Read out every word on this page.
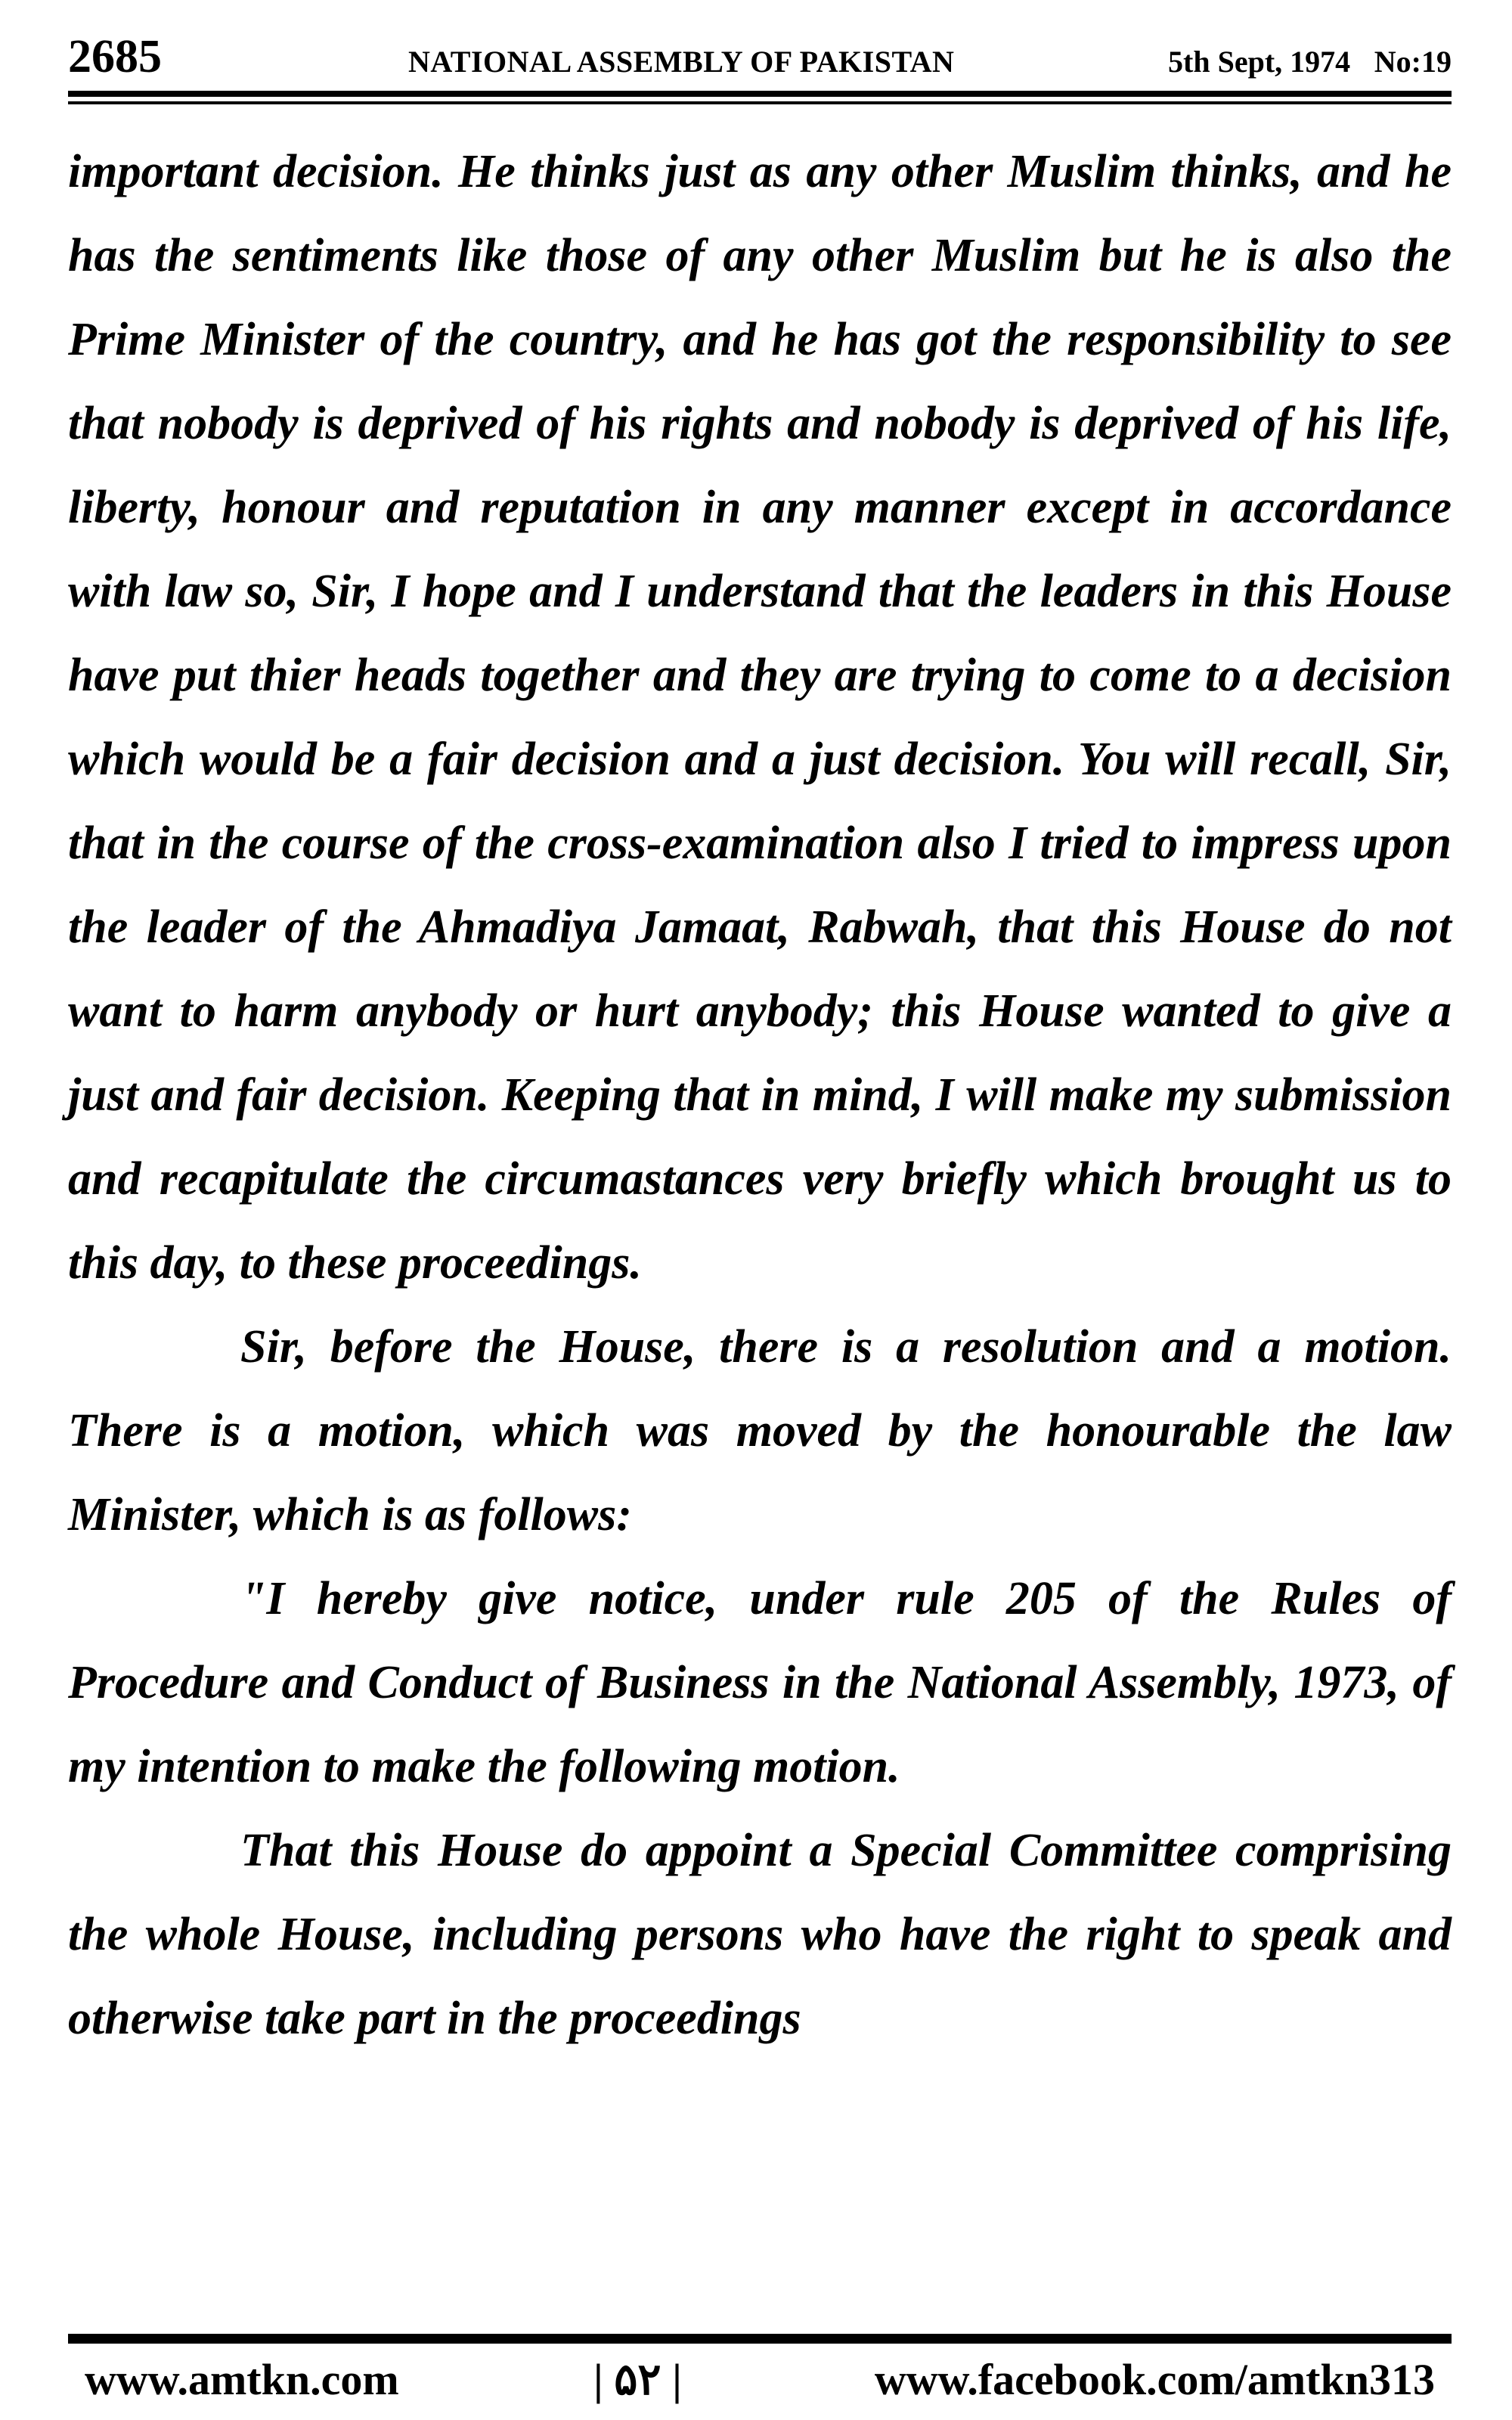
2685	NATIONAL ASSEMBLY OF PAKISTAN	5th Sept, 1974 No:19

important decision. He thinks just as any other Muslim thinks, and he has the sentiments like those of any other Muslim but he is also the Prime Minister of the country, and he has got the responsibility to see that nobody is deprived of his rights and nobody is deprived of his life, liberty, honour and reputation in any manner except in accordance with law so, Sir, I hope and I understand that the leaders in this House have put thier heads together and they are trying to come to a decision which would be a fair decision and a just decision. You will recall, Sir, that in the course of the cross-examination also I tried to impress upon the leader of the Ahmadiya Jamaat, Rabwah, that this House do not want to harm anybody or hurt anybody; this House wanted to give a just and fair decision. Keeping that in mind, I will make my submission and recapitulate the circumastances very briefly which brought us to this day, to these proceedings.

Sir, before the House, there is a resolution and a motion. There is a motion, which was moved by the honourable the law Minister, which is as follows:

"I hereby give notice, under rule 205 of the Rules of Procedure and Conduct of Business in the National Assembly, 1973, of my intention to make the following motion.

That this House do appoint a Special Committee comprising the whole House, including persons who have the right to speak and otherwise take part in the proceedings

www.amtkn.com	| ۵۲ |	www.facebook.com/amtkn313
